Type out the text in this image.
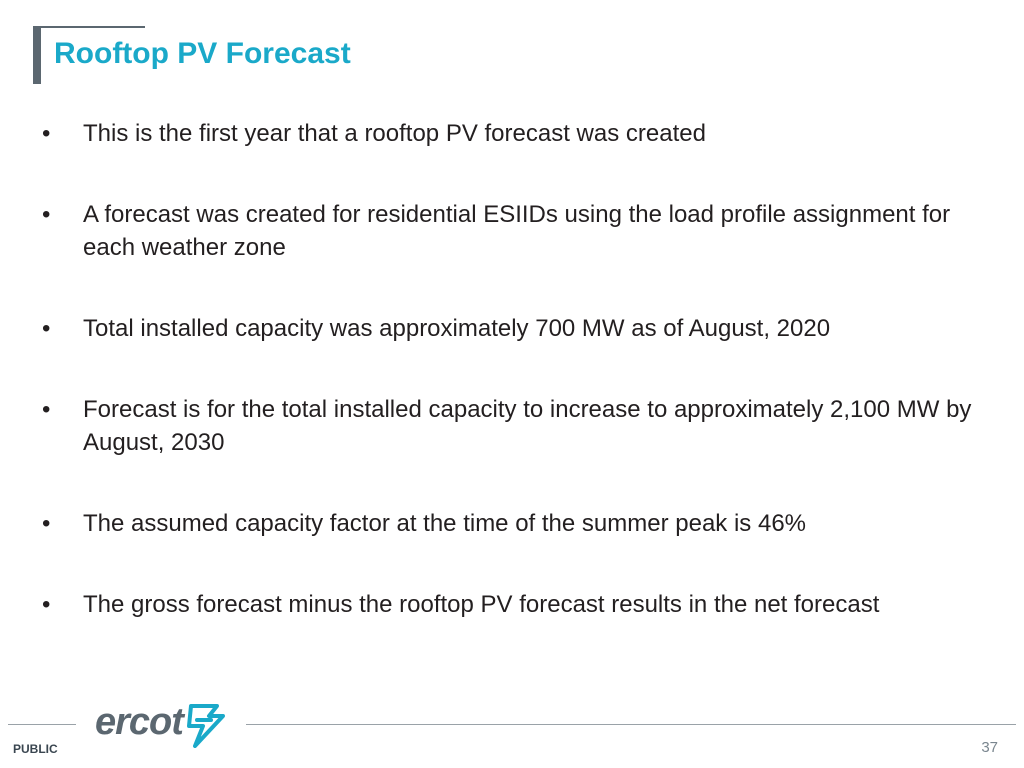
Rooftop PV Forecast
• This is the first year that a rooftop PV forecast was created
• A forecast was created for residential ESIIDs using the load profile assignment for each weather zone
• Total installed capacity was approximately 700 MW as of August, 2020
• Forecast is for the total installed capacity to increase to approximately 2,100 MW by August, 2030
• The assumed capacity factor at the time of the summer peak is 46%
• The gross forecast minus the rooftop PV forecast results in the net forecast
ercot
PUBLIC	37
